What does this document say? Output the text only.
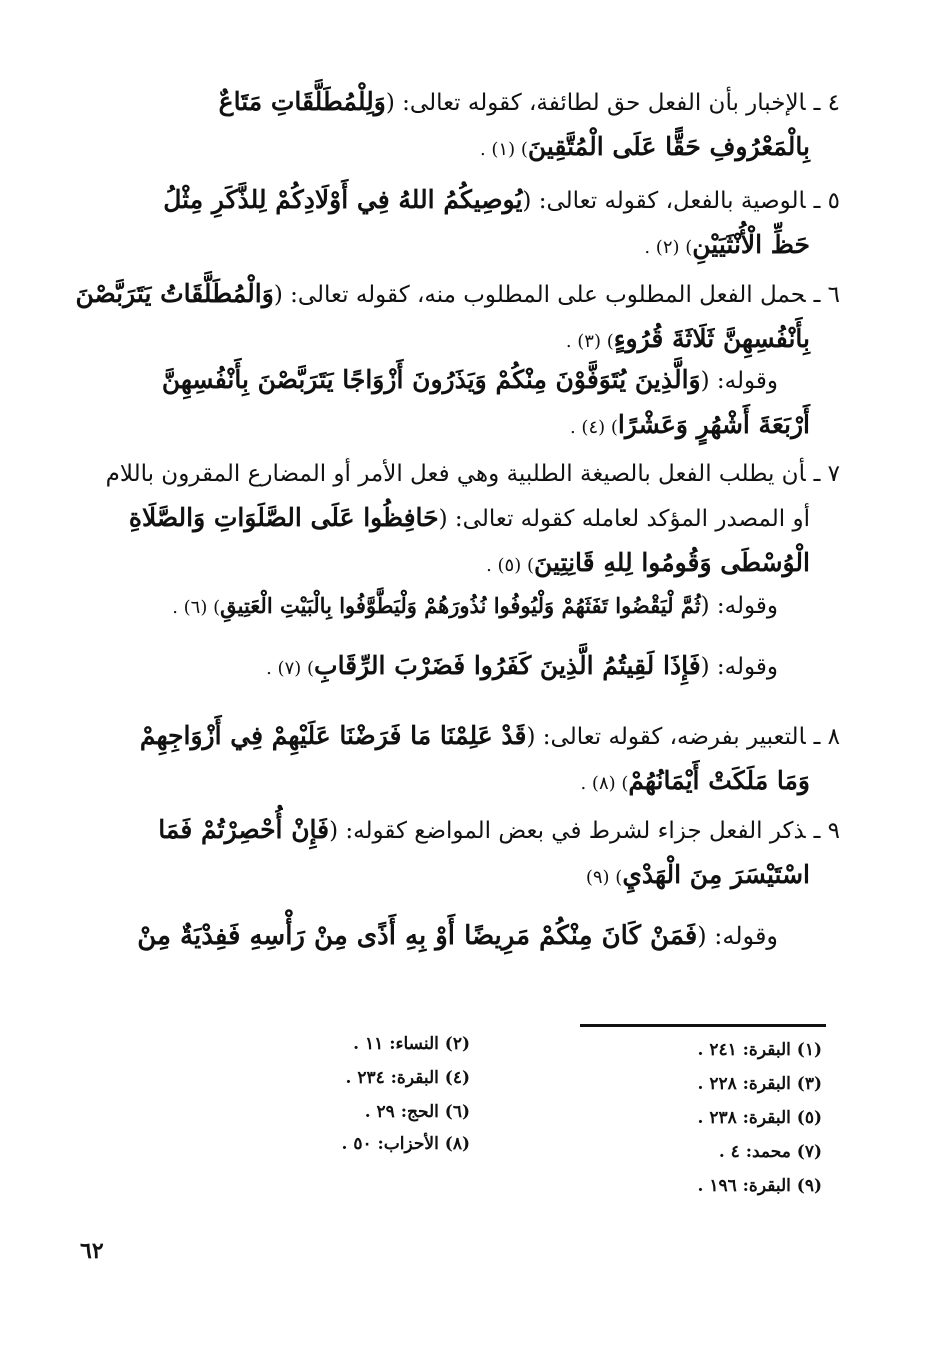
٤ ـالإخبار بأن الفعل حق لطائفة، كقوله تعالى: (وَلِلْمُطَلَّقَاتِ مَتَاعٌ
بِالْمَعْرُوفِ حَقًّا عَلَى الْمُتَّقِينَ) (١) .
٥ ـالوصية بالفعل، كقوله تعالى: (يُوصِيكُمُ اللهُ فِي أَوْلَادِكُمْ لِلذَّكَرِ مِثْلُ
حَظِّ الْأُنْثَيَيْنِ) (٢) .
٦ ـحمل الفعل المطلوب على المطلوب منه، كقوله تعالى: (وَالْمُطَلَّقَاتُ يَتَرَبَّصْنَ
بِأَنْفُسِهِنَّ ثَلَاثَةَ قُرُوءٍ) (٣) .
وقوله: (وَالَّذِينَ يُتَوَفَّوْنَ مِنْكُمْ وَيَذَرُونَ أَزْوَاجًا يَتَرَبَّصْنَ بِأَنْفُسِهِنَّ
أَرْبَعَةَ أَشْهُرٍ وَعَشْرًا) (٤) .
٧ ـأن يطلب الفعل بالصيغة الطلبية وهي فعل الأمر أو المضارع المقرون باللام
أو المصدر المؤكد لعامله كقوله تعالى: (حَافِظُوا عَلَى الصَّلَوَاتِ وَالصَّلَاةِ
الْوُسْطَى وَقُومُوا لِلهِ قَانِتِينَ) (٥) .
وقوله: (ثُمَّ لْيَقْضُوا تَفَثَهُمْ وَلْيُوفُوا نُذُورَهُمْ وَلْيَطَّوَّفُوا بِالْبَيْتِ الْعَتِيقِ) (٦) .
وقوله: (فَإِذَا لَقِيتُمُ الَّذِينَ كَفَرُوا فَضَرْبَ الرِّقَابِ) (٧) .
٨ ـالتعبير بفرضه، كقوله تعالى: (قَدْ عَلِمْنَا مَا فَرَضْنَا عَلَيْهِمْ فِي أَزْوَاجِهِمْ
وَمَا مَلَكَتْ أَيْمَانُهُمْ) (٨) .
٩ ـذكر الفعل جزاء لشرط في بعض المواضع كقوله: (فَإِنْ أُحْصِرْتُمْ فَمَا
اسْتَيْسَرَ مِنَ الْهَدْيِ) (٩)
وقوله: (فَمَنْ كَانَ مِنْكُمْ مَرِيضًا أَوْ بِهِ أَذًى مِنْ رَأْسِهِ فَفِدْيَةٌ مِنْ
(١) البقرة: ٢٤١ .
(٣) البقرة: ٢٢٨ .
(٥) البقرة: ٢٣٨ .
(٧) محمد: ٤ .
(٩) البقرة: ١٩٦ .
(٢) النساء: ١١ .
(٤) البقرة: ٢٣٤ .
(٦) الحج: ٢٩ .
(٨) الأحزاب: ٥٠ .
٦٢
